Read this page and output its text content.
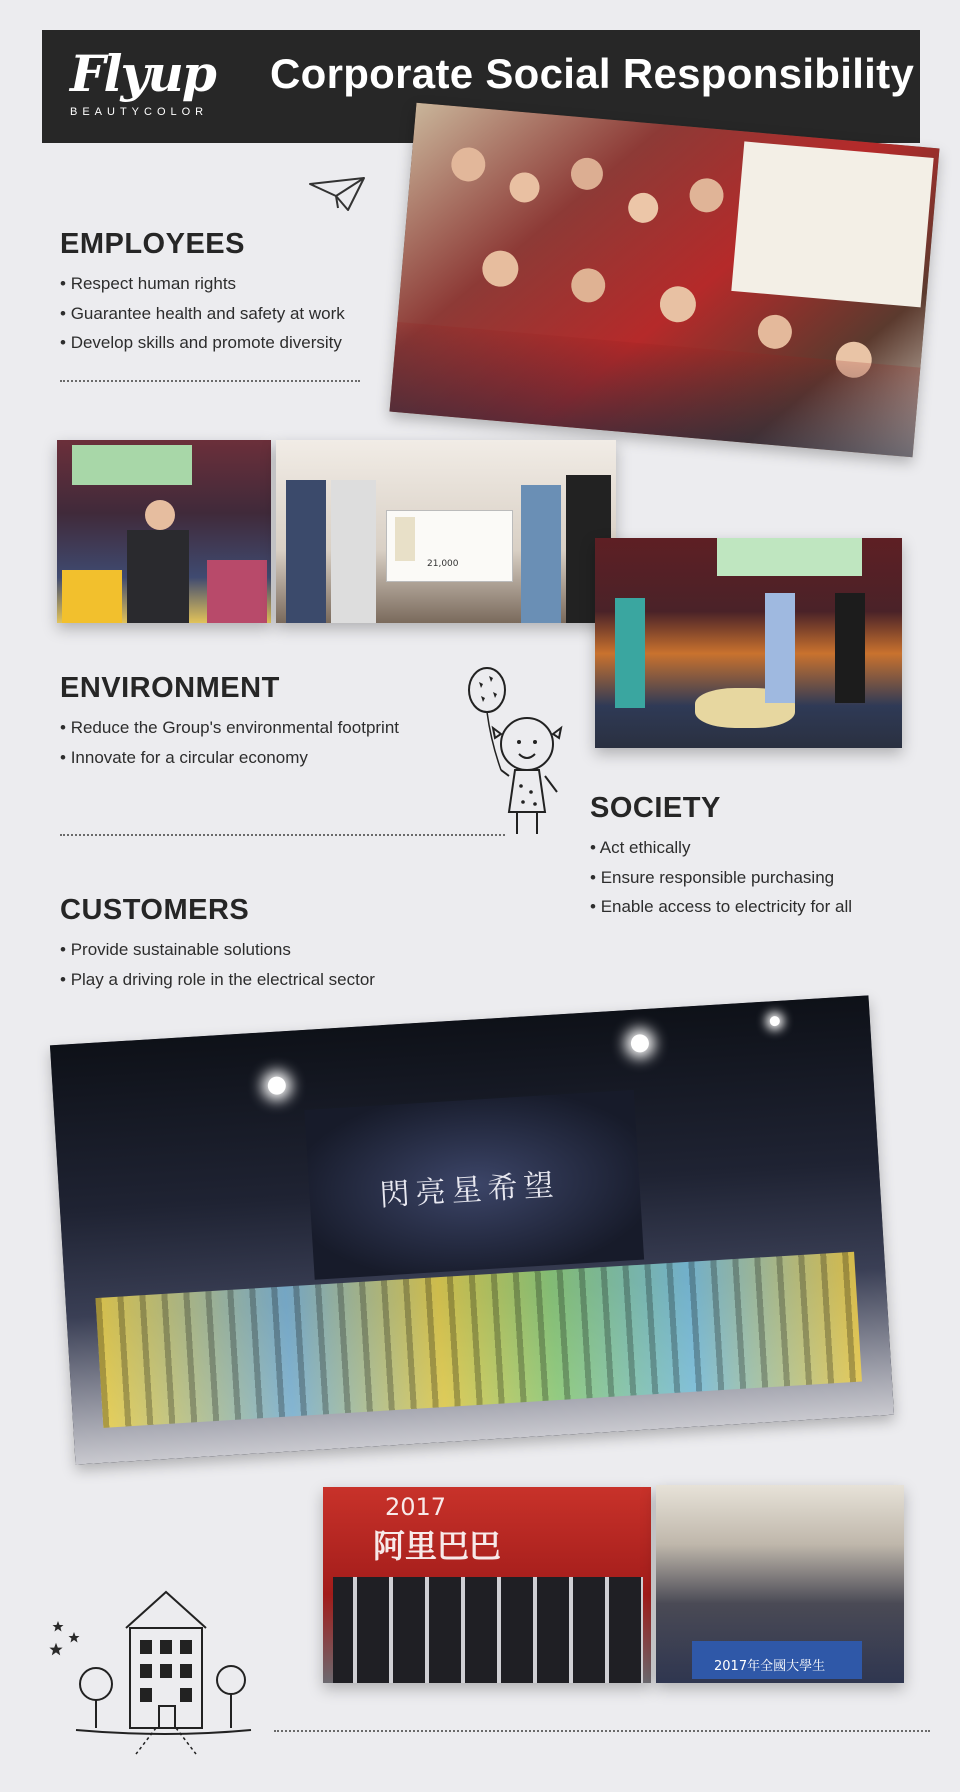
Flyup
BEAUTYCOLOR
Corporate Social Responsibility
EMPLOYEES
• Respect human rights
• Guarantee health and safety at work
• Develop skills and promote diversity
21,000
ENVIRONMENT
• Reduce the Group's environmental footprint
• Innovate for a circular economy
SOCIETY
• Act ethically
• Ensure responsible purchasing
• Enable access to electricity for all
CUSTOMERS
• Provide sustainable solutions
• Play a driving role in the electrical sector
閃亮星希望
2017
阿里巴巴
2017年全國大學生
